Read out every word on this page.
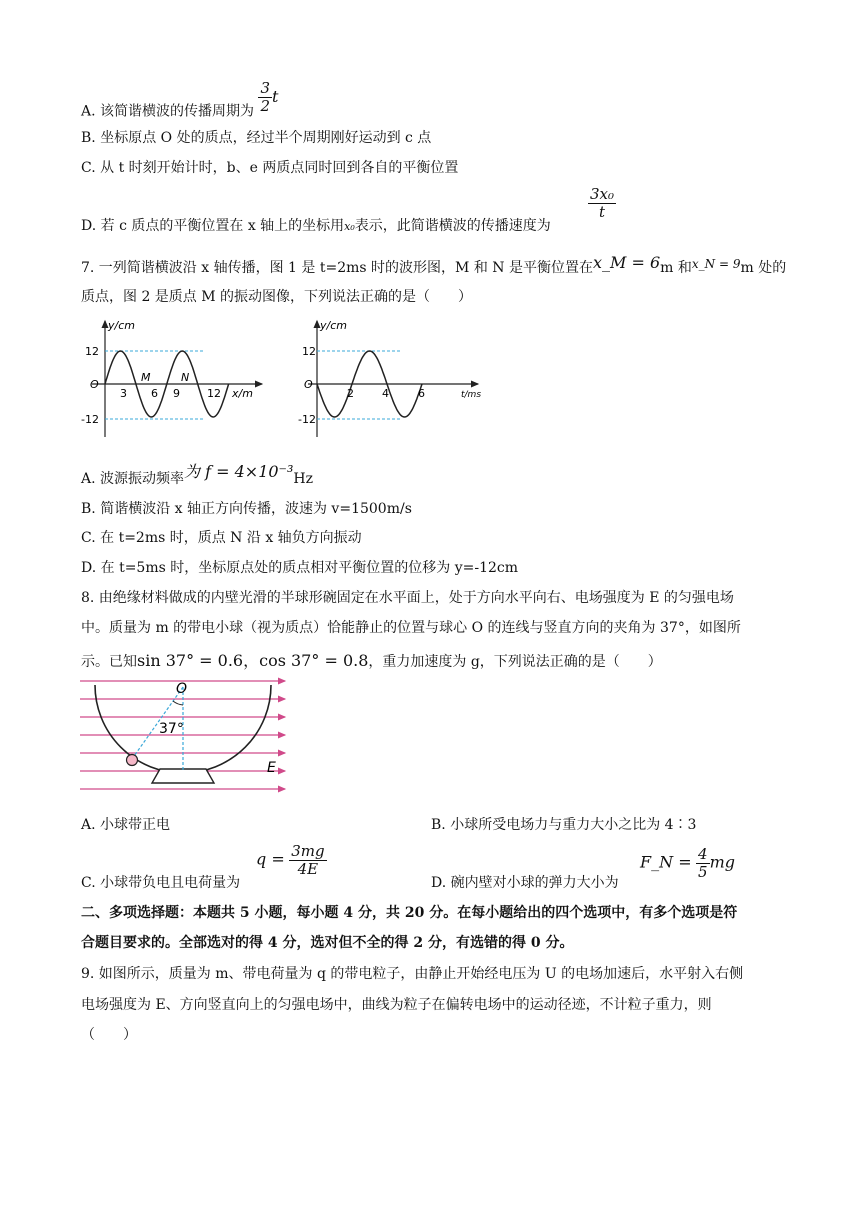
A. 该简谐横波的传播周期为 $\frac{3}{2}$ t
B. 坐标原点 O 处的质点，经过半个周期刚好运动到 c 点
C. 从 t 时刻开始计时，b、e 两质点同时回到各自的平衡位置
D. 若 c 质点的平衡位置在 x 轴上的坐标用x₀表示，此简谐横波的传播速度为
$\frac{\text{3x₀}}{t}$
7. 一列简谐横波沿 x 轴传播，图 1 是 t=2ms 时的波形图，M 和 N 是平衡位置在x_M = 6m 和x_N = 9m 处的
质点，图 2 是质点 M 的振动图像，下列说法正确的是（　　）
y/cm
O
12
-12
3 6 9 12 x/m
M	N
y/cm
O
12
-12
2	4	6	t/ms
A. 波源振动频率为 f = 4×10⁻³Hz
B. 简谐横波沿 x 轴正方向传播，波速为 v=1500m/s
C. 在 t=2ms 时，质点 N 沿 x 轴负方向振动
D. 在 t=5ms 时，坐标原点处的质点相对平衡位置的位移为 y=-12cm
8. 由绝缘材料做成的内壁光滑的半球形碗固定在水平面上，处于方向水平向右、电场强度为 E 的匀强电场
中。质量为 m 的带电小球（视为质点）恰能静止的位置与球心 O 的连线与竖直方向的夹角为 37°，如图所
示。已知sin 37° = 0.6，cos 37° = 0.8，重力加速度为 g，下列说法正确的是（　　）
O
37°
E
A. 小球带正电	B. 小球所受电场力与重力大小之比为 4∶3
C. 小球带负电且电荷量为
$q = \frac{3mg}{4E}$
D. 碗内壁对小球的弹力大小为
F_N = $\frac{4}{5}$ mg
二、多项选择题：本题共 5 小题，每小题 4 分，共 20 分。在每小题给出的四个选项中，有多个选项是符
合题目要求的。全部选对的得 4 分，选对但不全的得 2 分，有选错的得 0 分。
9. 如图所示，质量为 m、带电荷量为 q 的带电粒子，由静止开始经电压为 U 的电场加速后，水平射入右侧
电场强度为 E、方向竖直向上的匀强电场中，曲线为粒子在偏转电场中的运动径迹，不计粒子重力，则
（　　）
